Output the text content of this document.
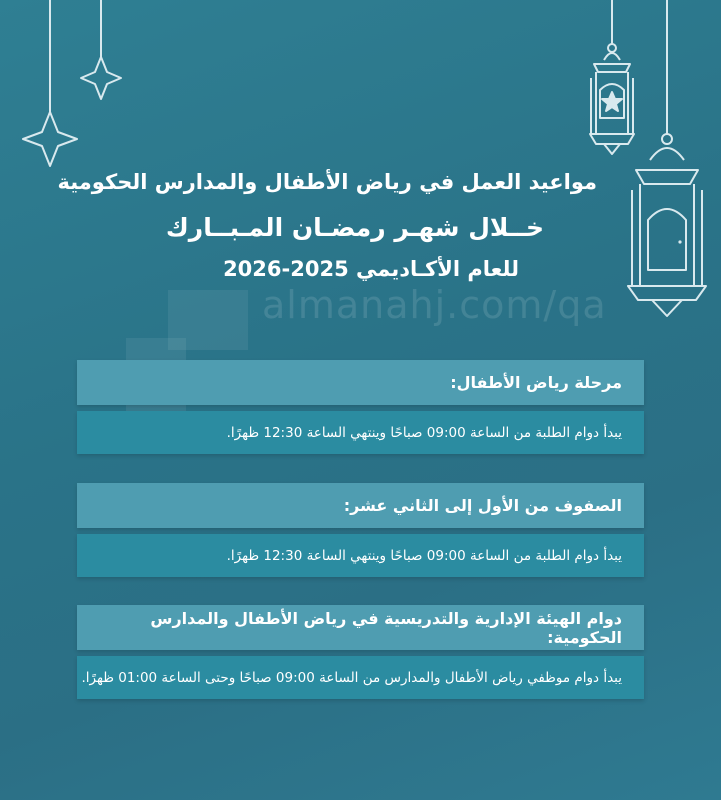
almanahj.com/qa
مواعيد العمل في رياض الأطفال والمدارس الحكومية
خــلال شهـر رمضـان المـبــارك
للعام الأكـاديمي 2025-2026
مرحلة رياض الأطفال:
يبدأ دوام الطلبة من الساعة 09:00 صباحًا وينتهي الساعة 12:30 ظهرًا.
الصفوف من الأول إلى الثاني عشر:
يبدأ دوام الطلبة من الساعة 09:00 صباحًا وينتهي الساعة 12:30 ظهرًا.
دوام الهيئة الإدارية والتدريسية في رياض الأطفال والمدارس الحكومية:
يبدأ دوام موظفي رياض الأطفال والمدارس من الساعة 09:00 صباحًا وحتى الساعة 01:00 ظهرًا.
